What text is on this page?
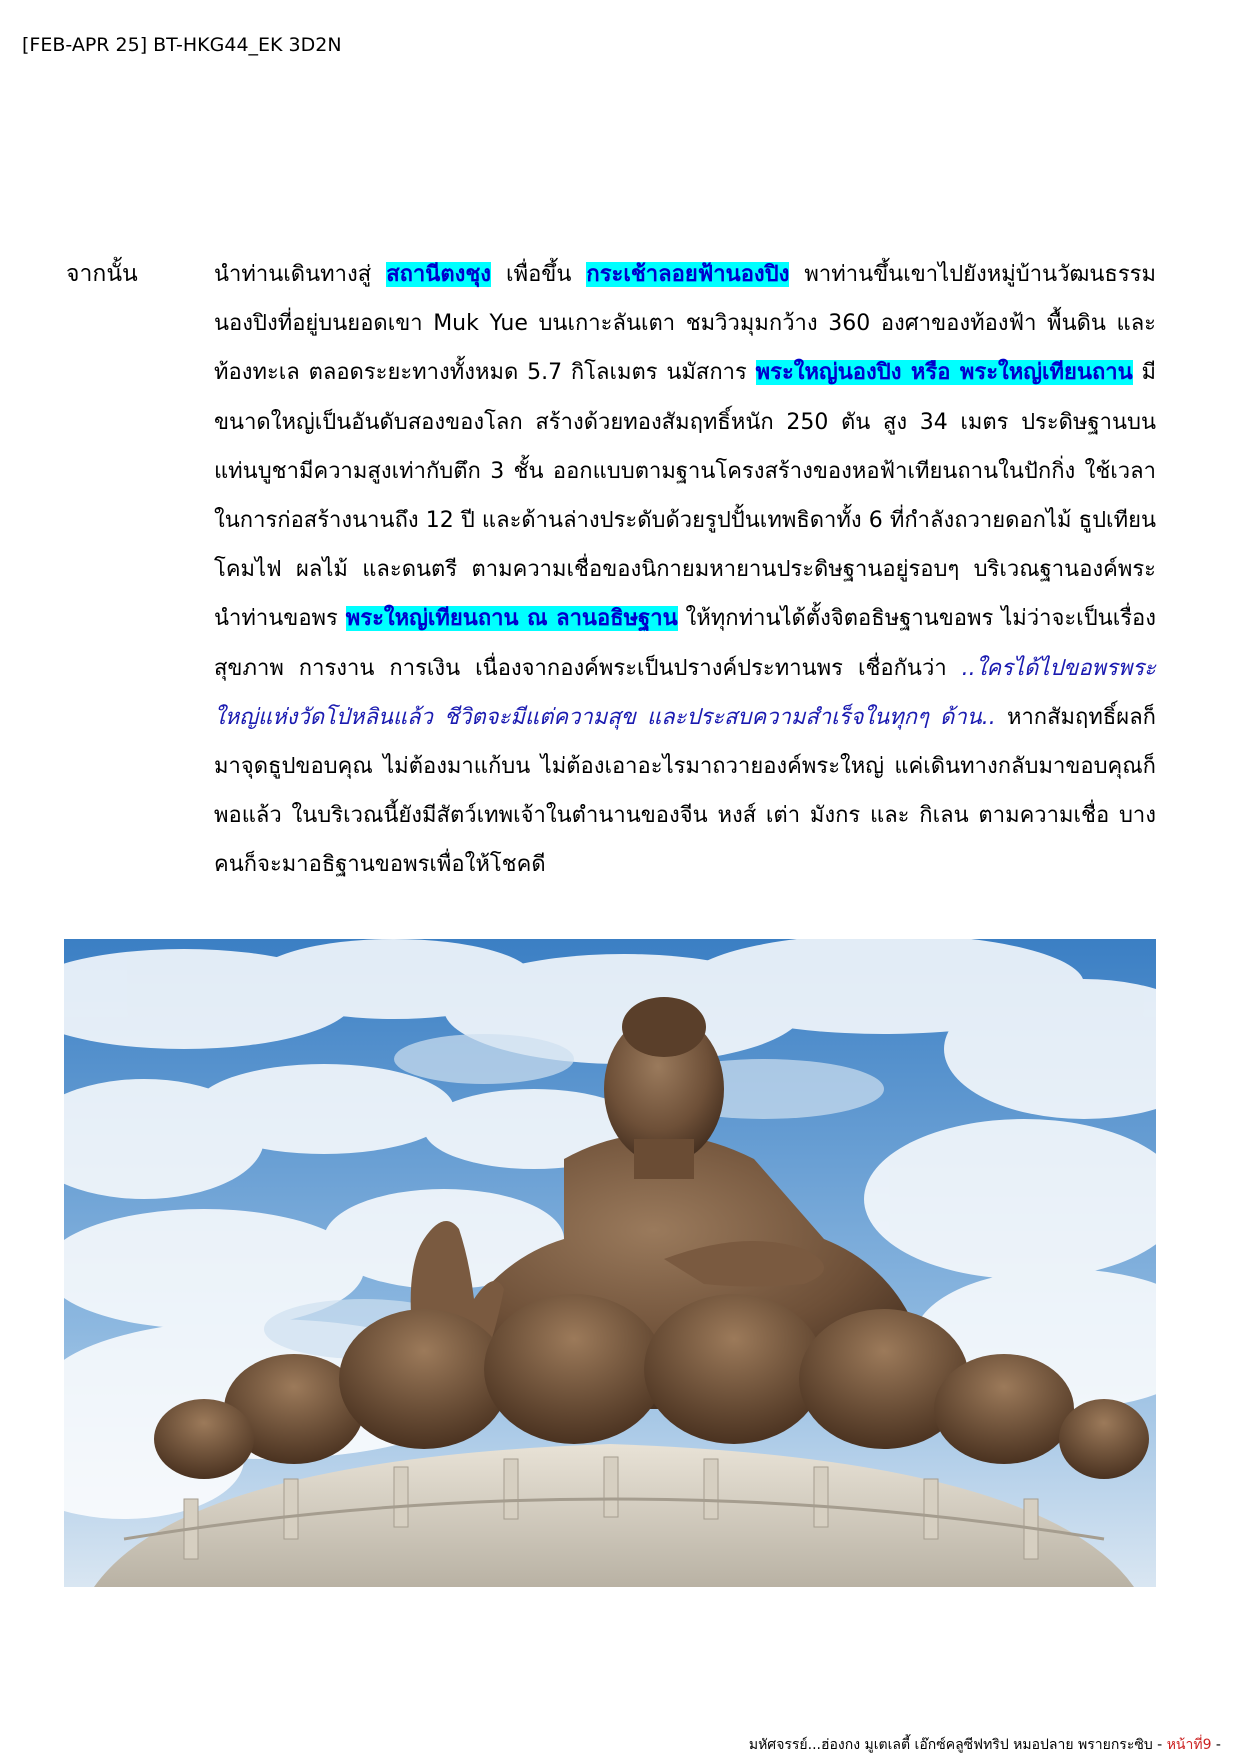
[FEB-APR 25] BT-HKG44_EK 3D2N
จากนั้น	นำท่านเดินทางสู่ สถานีตงชุง เพื่อขึ้น กระเช้าลอยฟ้านองปิง พาท่านขึ้นเขาไปยังหมู่บ้านวัฒนธรรมนองปิงที่อยู่บนยอดเขา Muk Yue บนเกาะลันเตา ชมวิวมุมกว้าง 360 องศาของท้องฟ้า พื้นดิน และท้องทะเล ตลอดระยะทางทั้งหมด 5.7 กิโลเมตร นมัสการ พระใหญ่นองปิง หรือ พระใหญ่เทียนถาน มีขนาดใหญ่เป็นอันดับสองของโลก สร้างด้วยทองสัมฤทธิ์หนัก 250 ตัน สูง 34 เมตร ประดิษฐานบนแท่นบูชามีความสูงเท่ากับตึก 3 ชั้น ออกแบบตามฐานโครงสร้างของหอฟ้าเทียนถานในปักกิ่ง ใช้เวลาในการก่อสร้างนานถึง 12 ปี และด้านล่างประดับด้วยรูปปั้นเทพธิดาทั้ง 6 ที่กำลังถวายดอกไม้ ธูปเทียน โคมไฟ ผลไม้ และดนตรี ตามความเชื่อของนิกายมหายานประดิษฐานอยู่รอบๆ บริเวณฐานองค์พระ นำท่านขอพร พระใหญ่เทียนถาน ณ ลานอธิษฐาน ให้ทุกท่านได้ตั้งจิตอธิษฐานขอพร ไม่ว่าจะเป็นเรื่องสุขภาพ การงาน การเงิน เนื่องจากองค์พระเป็นปรางค์ประทานพร เชื่อกันว่า ..ใครได้ไปขอพรพระใหญ่แห่งวัดโป่หลินแล้ว ชีวิตจะมีแต่ความสุข และประสบความสำเร็จในทุกๆ ด้าน.. หากสัมฤทธิ์ผลก็มาจุดธูปขอบคุณ ไม่ต้องมาแก้บน ไม่ต้องเอาอะไรมาถวายองค์พระใหญ่ แค่เดินทางกลับมาขอบคุณก็พอแล้ว ในบริเวณนี้ยังมีสัตว์เทพเจ้าในตำนานของจีน หงส์ เต่า มังกร และ กิเลน ตามความเชื่อ บางคนก็จะมาอธิฐานขอพรเพื่อให้โชคดี
มหัศจรรย์...ฮ่องกง มูเตเลตี้ เอ๊กซ์คลูซีฟทริป หมอปลาย พรายกระซิบ - หน้าที่9 -
